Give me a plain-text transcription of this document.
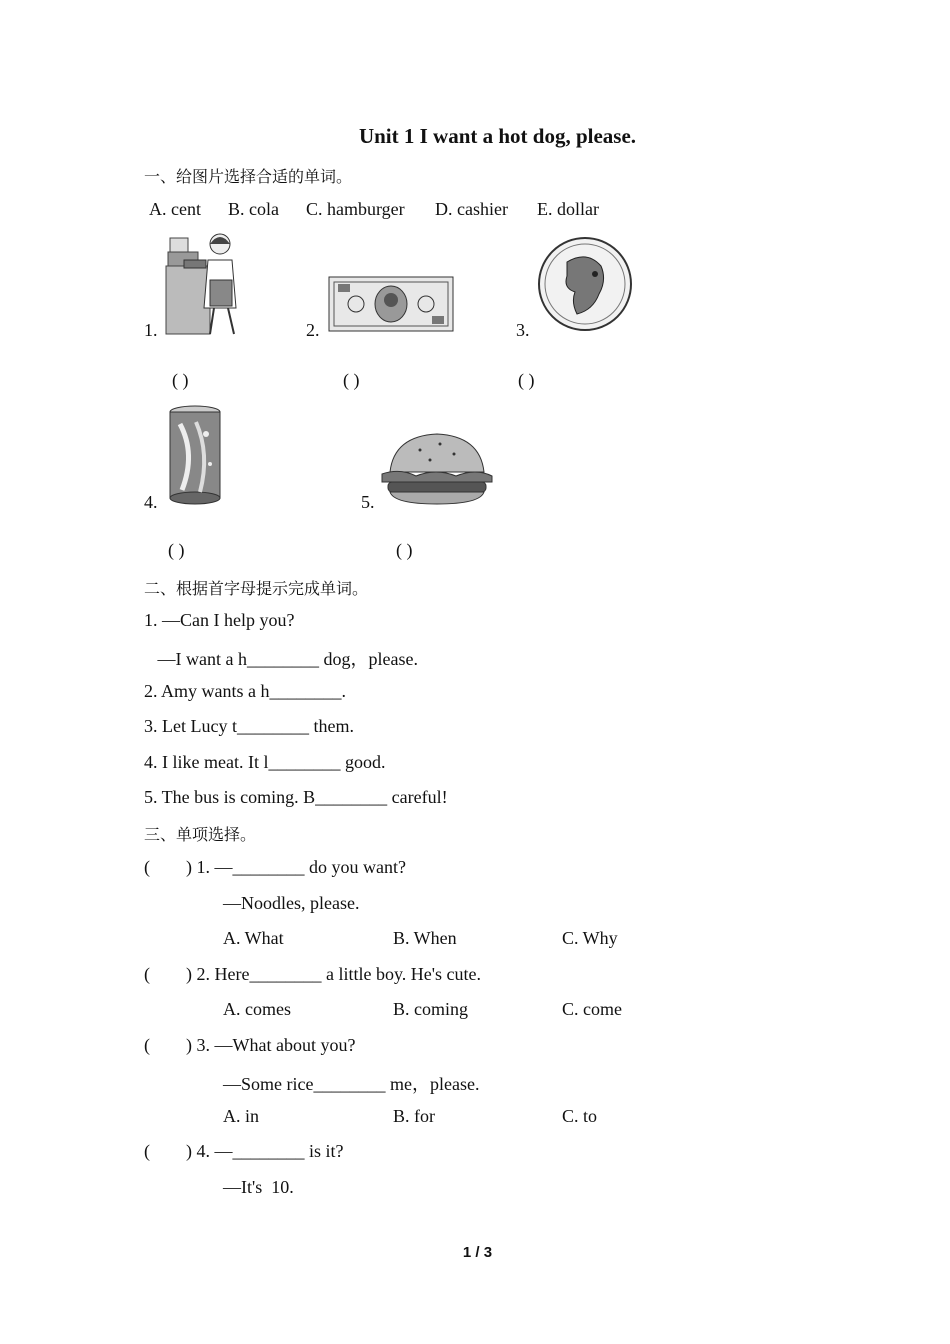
Unit 1 I want a hot dog, please.
一、给图片选择合适的单词。
A. cent B. cola C. hamburger D. cashier E. dollar
1.
( )
2.
( )
3.
( )
4.
( )
5.
( )
二、根据首字母提示完成单词。
1. —Can I help you?
—I want a h________ dog，please.
2. Amy wants a h________.
3. Let Lucy t________ them.
4. I like meat. It l________ good.
5. The bus is coming. B________ careful!
三、单项选择。
(        ) 1. —________ do you want?
—Noodles, please.
A. What	B. When	C. Why
(        ) 2. Here________ a little boy. He's cute.
A. comes	B. coming	C. come
(        ) 3. —What about you?
—Some rice________ me，please.
A. in	B. for	C. to
(        ) 4. —________ is it?
—It's  10.
1 / 3
